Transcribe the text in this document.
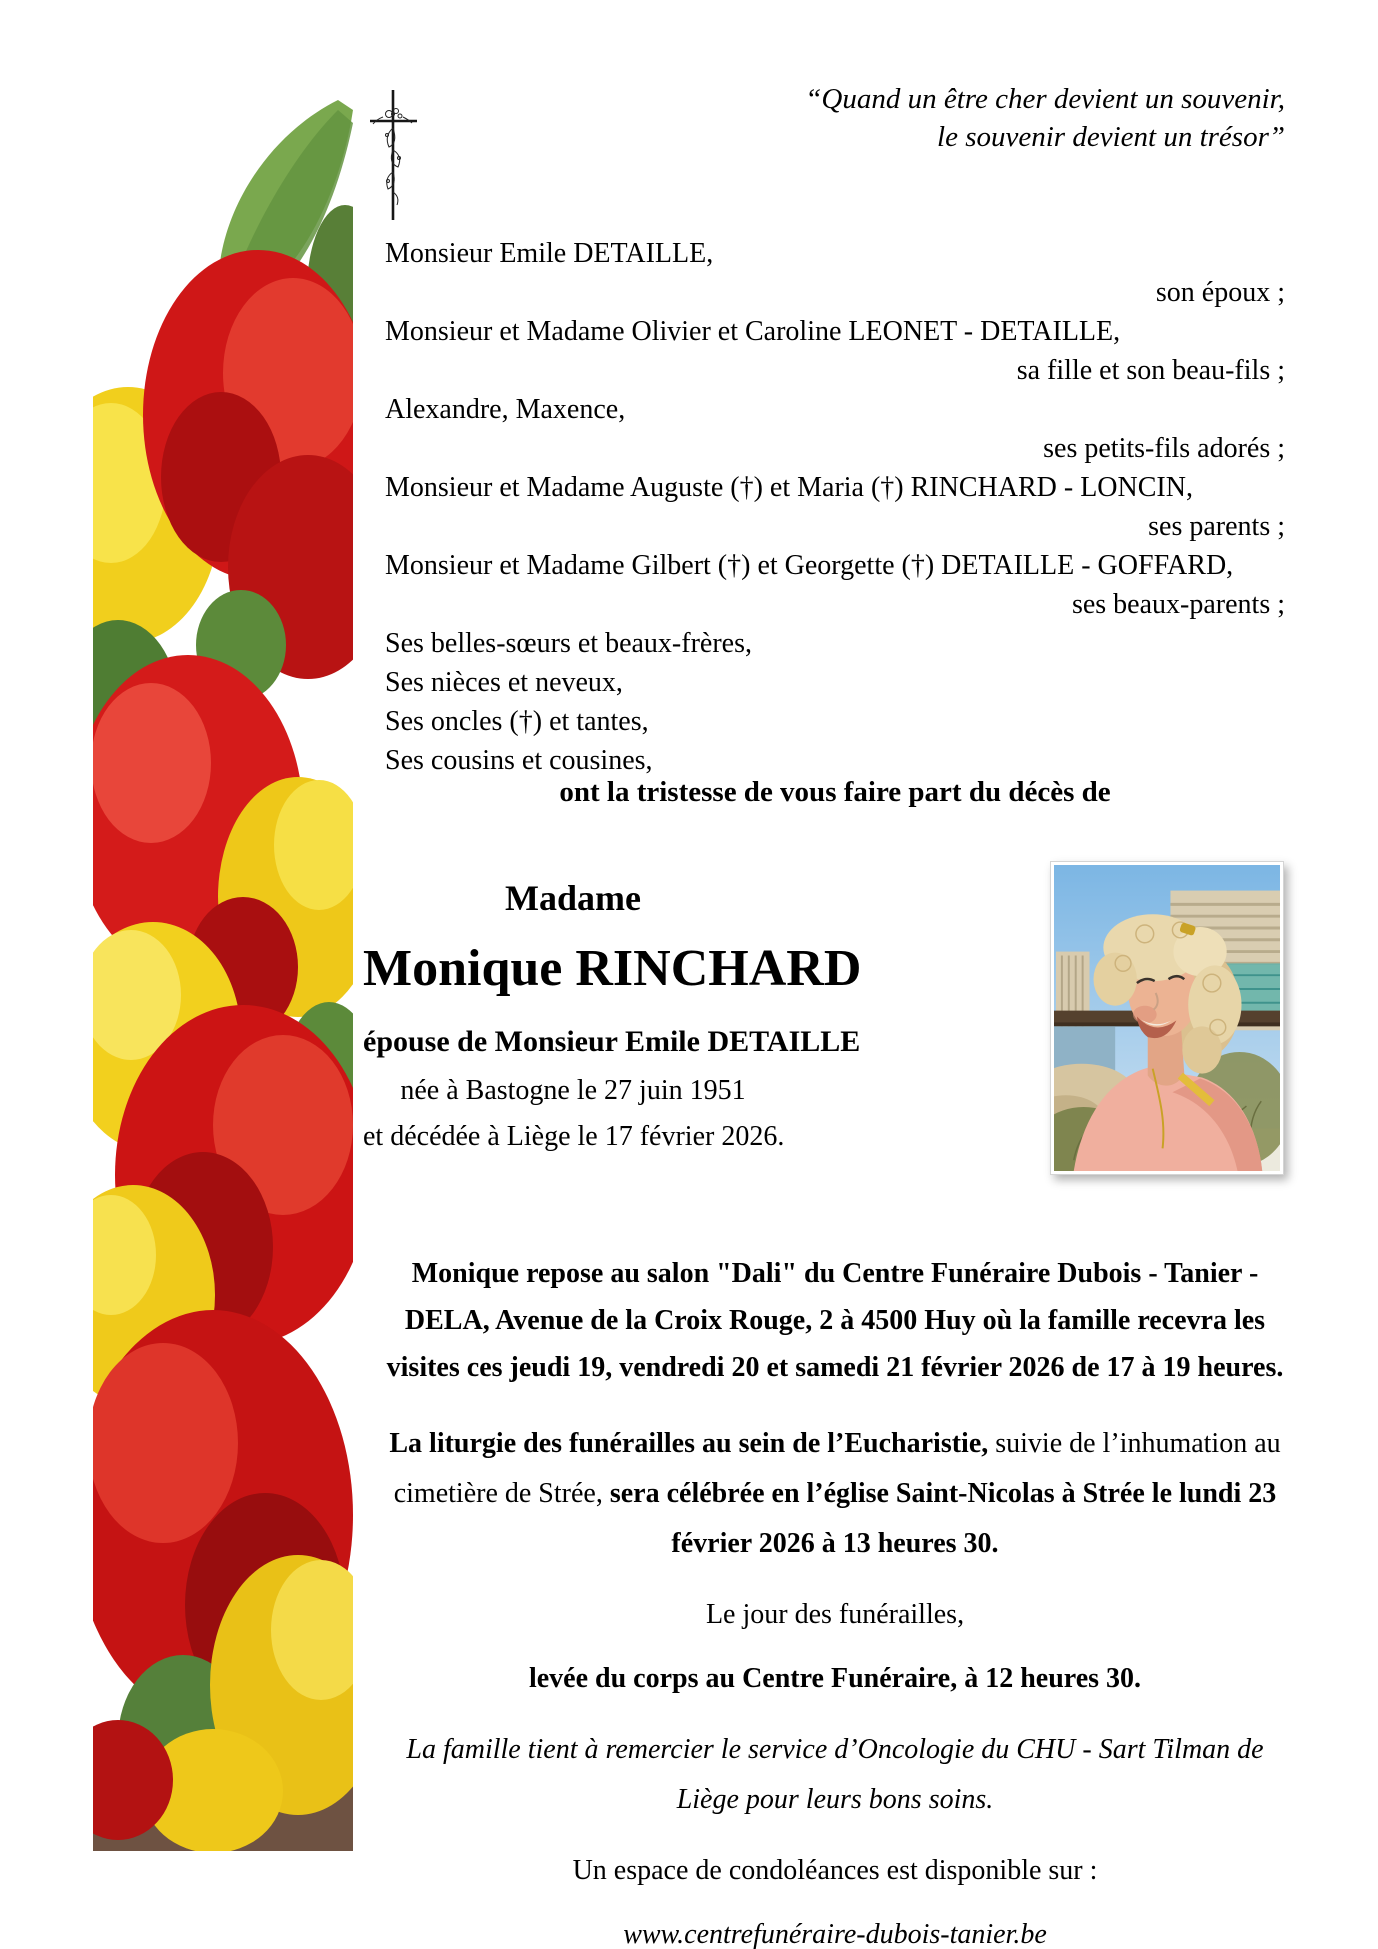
“Quand un être cher devient un souvenir,
le souvenir devient un trésor”
Monsieur Emile DETAILLE,
son époux ;
Monsieur et Madame Olivier et Caroline LEONET - DETAILLE,
sa fille et son beau-fils ;
Alexandre, Maxence,
ses petits-fils adorés ;
Monsieur et Madame Auguste (†) et Maria (†) RINCHARD - LONCIN,
ses parents ;
Monsieur et Madame Gilbert (†) et Georgette (†) DETAILLE - GOFFARD,
ses beaux-parents ;
Ses belles-sœurs et beaux-frères,
Ses nièces et neveux,
Ses oncles (†) et tantes,
Ses cousins et cousines,
ont la tristesse de vous faire part du décès de
Madame
Monique RINCHARD
épouse de Monsieur Emile DETAILLE
née à Bastogne le 27 juin 1951
et décédée à Liège le 17 février 2026.

Monique repose au salon "Dali" du Centre Funéraire Dubois - Tanier - DELA, Avenue de la Croix Rouge, 2 à 4500 Huy où la famille recevra les visites ces jeudi 19, vendredi 20 et samedi 21 février 2026 de 17 à 19 heures.

La liturgie des funérailles au sein de l’Eucharistie, suivie de l’inhumation au cimetière de Strée, sera célébrée en l’église Saint-Nicolas à Strée le lundi 23 février 2026 à 13 heures 30.

Le jour des funérailles,

levée du corps au Centre Funéraire, à 12 heures 30.

La famille tient à remercier le service d’Oncologie du CHU - Sart Tilman de Liège pour leurs bons soins.

Un espace de condoléances est disponible sur :

www.centrefunéraire-dubois-tanier.be
